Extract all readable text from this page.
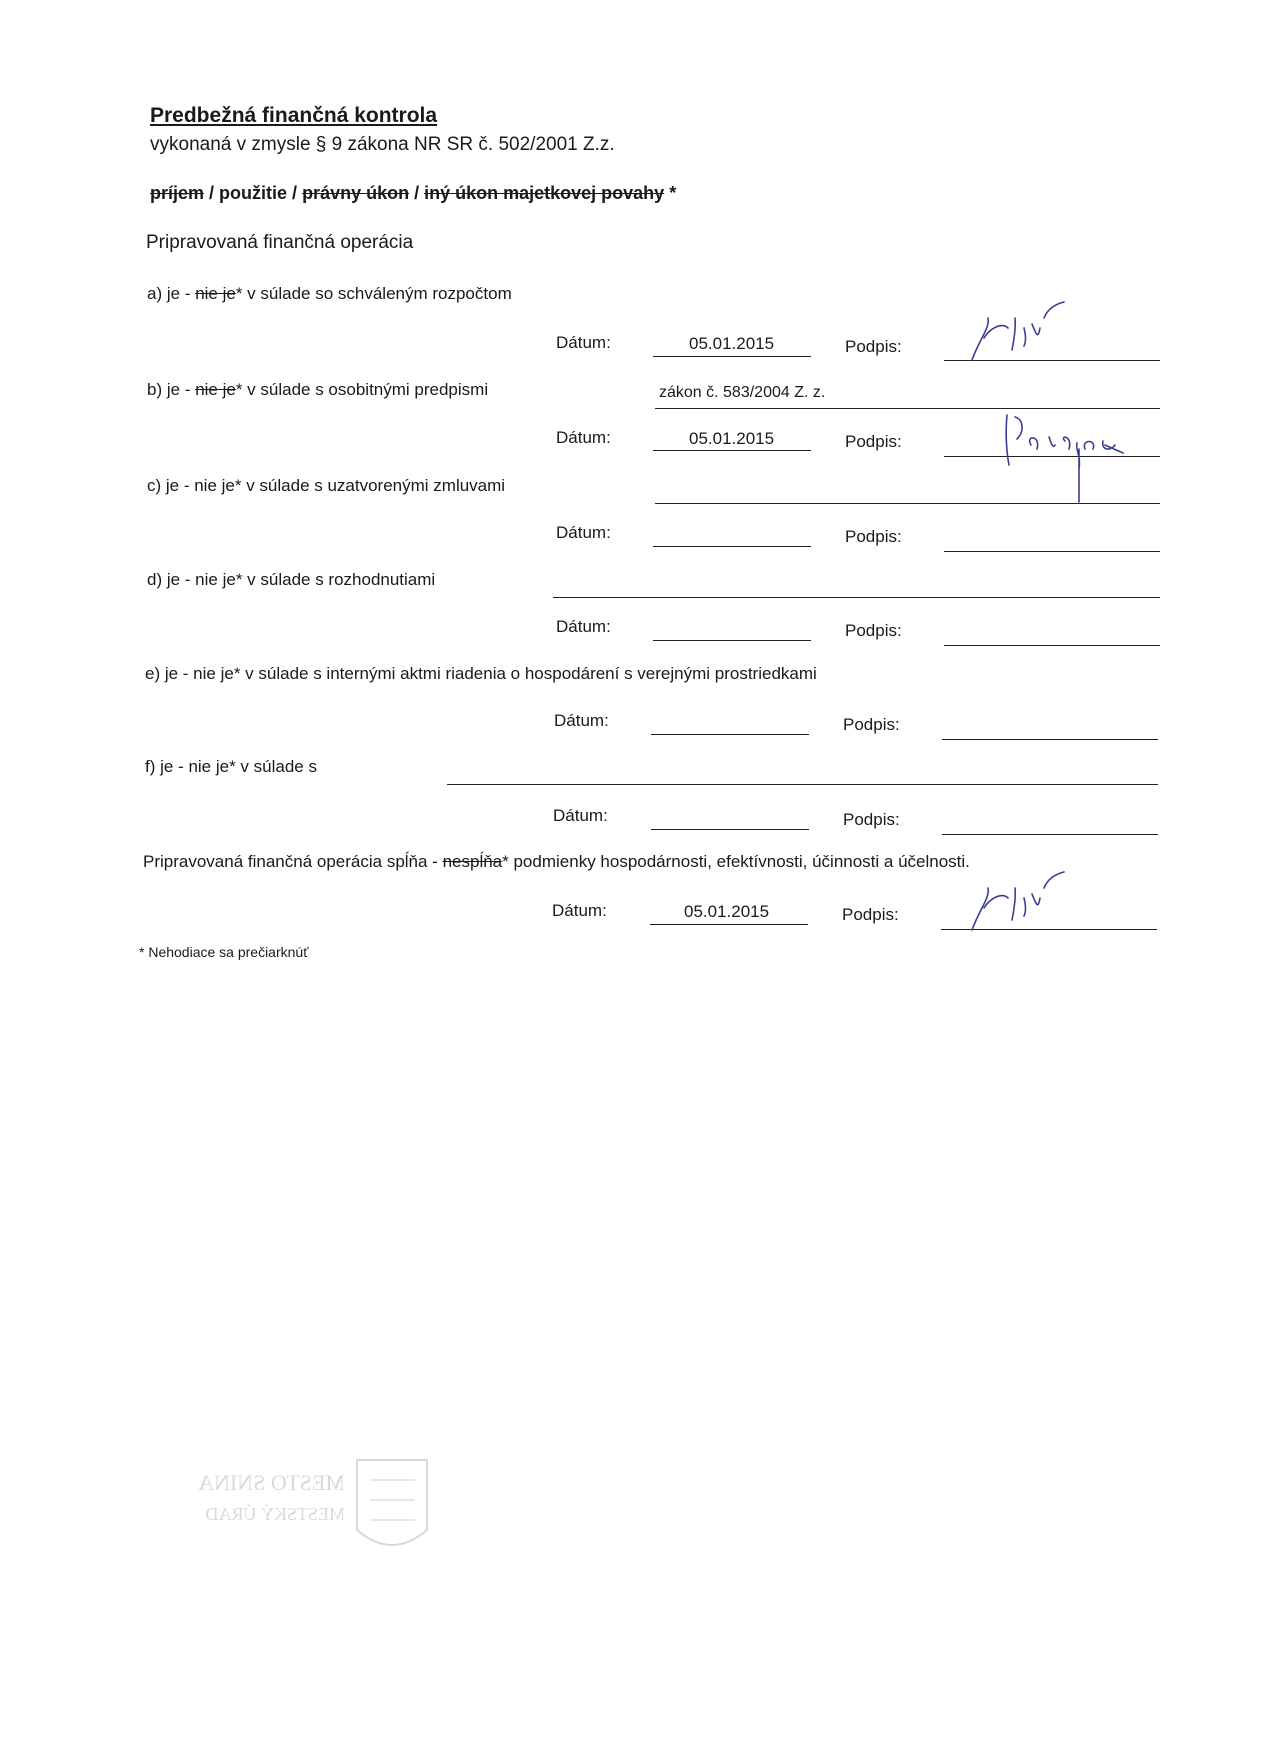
Predbežná finančná kontrola
vykonaná v zmysle § 9 zákona NR SR č. 502/2001 Z.z.
príjem / použitie / právny úkon / iný úkon majetkovej povahy *
Pripravovaná finančná operácia
a) je - nie je* v súlade so schváleným rozpočtom
Dátum:	05.01.2015	Podpis:
b) je - nie je* v súlade s osobitnými predpismi	zákon č. 583/2004 Z. z.
Dátum:	05.01.2015	Podpis:
c) je - nie je* v súlade s uzatvorenými zmluvami
Dátum:	Podpis:
d) je - nie je* v súlade s rozhodnutiami
Dátum:	Podpis:
e) je - nie je* v súlade s internými aktmi riadenia o hospodárení s verejnými prostriedkami
Dátum:	Podpis:
f) je - nie je* v súlade s
Dátum:	Podpis:
Pripravovaná finančná operácia spĺňa - nespĺňa* podmienky hospodárnosti, efektívnosti, účinnosti a účelnosti.
Dátum:	05.01.2015	Podpis:
* Nehodiace sa prečiarknúť
MESTO SNINA
MESTSKÝ ÚRAD
